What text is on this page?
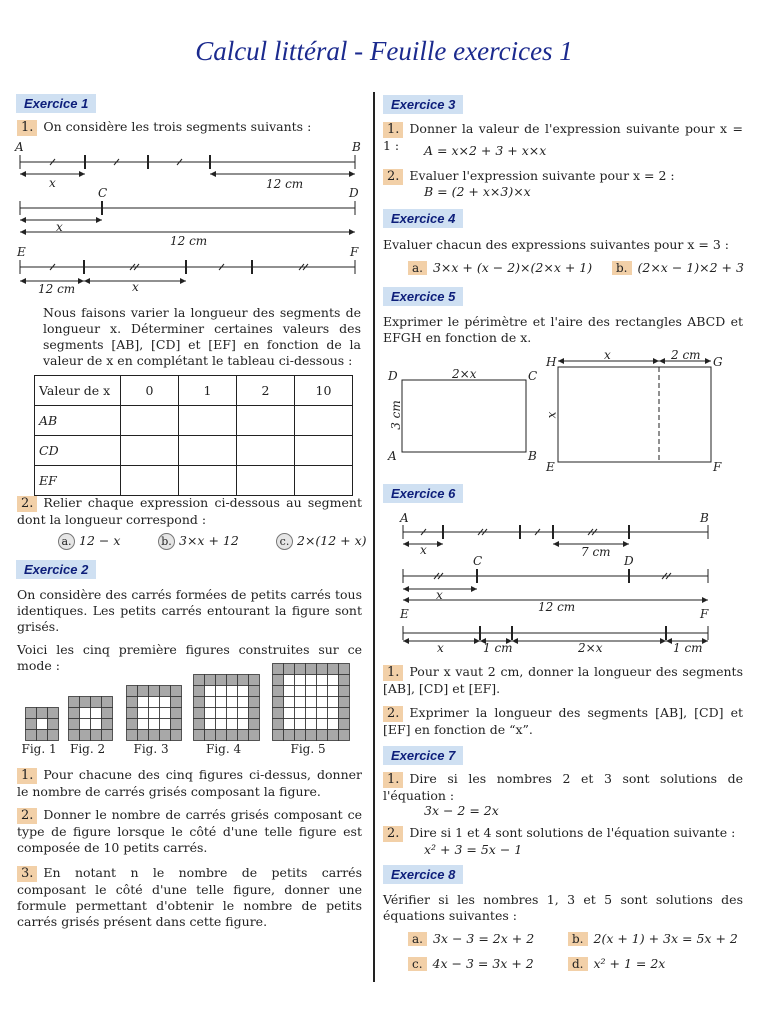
Calcul littéral - Feuille exercices 1
Exercice 1
1. On considère les trois segments suivants :
A	B
x	12 cm
C	D
x
12 cm
E	F
12 cm	x
Nous faisons varier la longueur des segments de longueur x. Déterminer certaines valeurs des segments [AB], [CD] et [EF] en fonction de la valeur de x en complétant le tableau ci-dessous :
Valeur de x	0	1	2	10
AB				
CD				
EF				
2. Relier chaque expression ci-dessous au segment dont la longueur correspond :
a. 12 − x	b. 3×x + 12	c. 2×(12 + x)
Exercice 2
On considère des carrés formées de petits carrés tous identiques. Les petits carrés entourant la figure sont grisés.
Voici les cinq première figures construites sur ce mode :
Fig. 1 Fig. 2 Fig. 3	Fig. 4	Fig. 5
1. Pour chacune des cinq figures ci-dessus, donner le nombre de carrés grisés composant la figure.
2. Donner le nombre de carrés grisés composant ce type de figure lorsque le côté d'une telle figure est composée de 10 petits carrés.
3. En notant n le nombre de petits carrés composant le côté d'une telle figure, donner une formule permettant d'obtenir le nombre de petits carrés grisés présent dans cette figure.
Exercice 3
1. Donner la valeur de l'expression suivante pour x = 1 :	A = x×2 + 3 + x×x
2. Evaluer l'expression suivante pour x = 2 :
B = (2 + x×3)×x
Exercice 4
Evaluer chacun des expressions suivantes pour x = 3 :
a. 3×x + (x − 2)×(2×x + 1)	b. (2×x − 1)×2 + 3
Exercice 5
Exprimer le périmètre et l'aire des rectangles ABCD et EFGH en fonction de x.
D	C
A	B
2×x
3 cm
H	G
E	F
x	2 cm
x
Exercice 6
A	B
x	7 cm
C	D
x
12 cm
E	F
x	1 cm	2×x	1 cm
1. Pour x vaut 2 cm, donner la longueur des segments [AB], [CD] et [EF].
2. Exprimer la longueur des segments [AB], [CD] et [EF] en fonction de “x”.
Exercice 7
1. Dire si les nombres 2 et 3 sont solutions de l'équation :
3x − 2 = 2x
2. Dire si 1 et 4 sont solutions de l'équation suivante :
x² + 3 = 5x − 1
Exercice 8
Vérifier si les nombres 1, 3 et 5 sont solutions des équations suivantes :
a. 3x − 3 = 2x + 2	b. 2(x + 1) + 3x = 5x + 2
c. 4x − 3 = 3x + 2	d. x² + 1 = 2x
